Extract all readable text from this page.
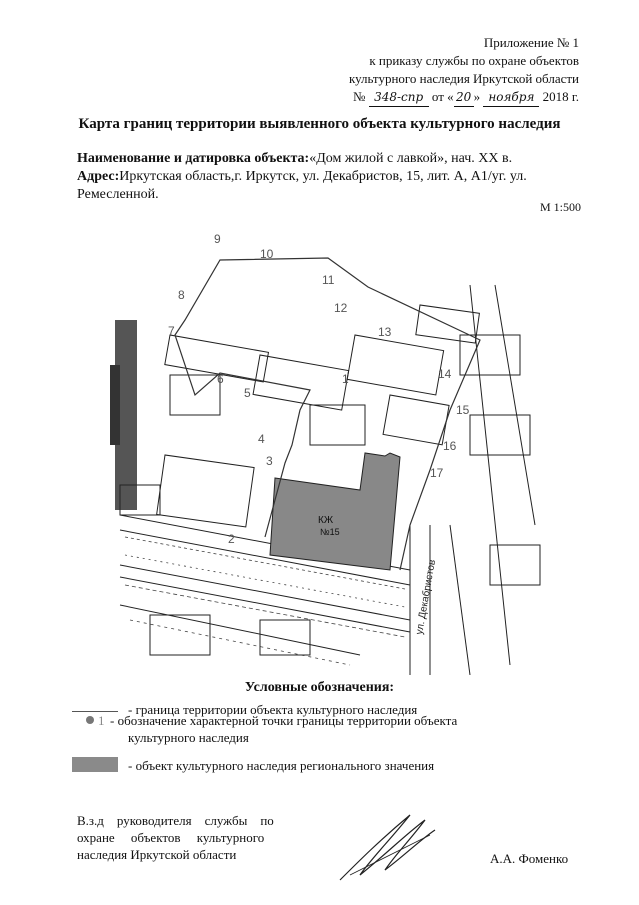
Приложение № 1
к приказу службы по охране объектов
культурного наследия Иркутской области
№ 348-спр от « 20 » ноября 2018 г.
Карта границ территории выявленного объекта культурного наследия
Наименование и датировка объекта:«Дом жилой с лавкой», нач. XX в.
Адрес:Иркутская область,г. Иркутск, ул. Декабристов, 15, лит. А, А1/уг. ул. Ремесленной.
М 1:500
КЖ
№15
1
2
3
4
5
6
7
8
9
10
11
12
13
14
15
16
17
ул. Декабристов
Условные обозначения:
- граница территории объекта культурного наследия
1 - обозначение характерной точки границы территории объекта
культурного наследия
- объект культурного наследия регионального значения
В.з.д    руководителя    службы    по
охране     объектов     культурного
наследия Иркутской области	А.А. Фоменко
